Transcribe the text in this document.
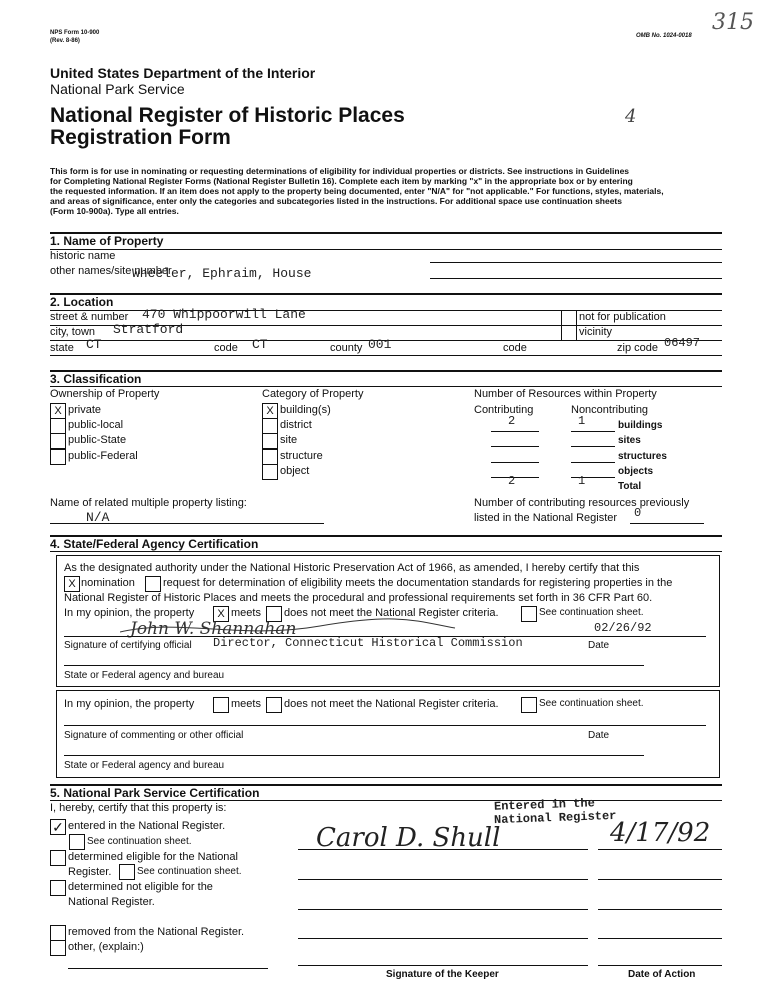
NPS Form 10-900
(Rev. 8-86)
OMB No. 1024-0018
315
United States Department of the Interior
National Park Service
National Register of Historic Places
Registration Form
4
This form is for use in nominating or requesting determinations of eligibility for individual properties or districts. See instructions in Guidelines
for Completing National Register Forms (National Register Bulletin 16). Complete each item by marking "x" in the appropriate box or by entering
the requested information. If an item does not apply to the property being documented, enter "N/A" for "not applicable." For functions, styles, materials,
and areas of significance, enter only the categories and subcategories listed in the instructions. For additional space use continuation sheets
(Form 10-900a). Type all entries.
1. Name of Property
historic name
other names/site number
Wheeler, Ephraim, House
2. Location
street & number 470 Whippoorwill Lane	not for publication
city, town Stratford	vicinity
state CT	code CT	county 001	code	zip code 06497
3. Classification
Ownership of Property	Category of Property	Number of Resources within Property
X private
public-local
public-State
public-Federal
X building(s)
district
site
structure
object
Contributing	Noncontributing
2	1	buildings
sites
structures
objects
2	1	Total
Name of related multiple property listing:
N/A
Number of contributing resources previously
listed in the National Register 0
4. State/Federal Agency Certification
As the designated authority under the National Historic Preservation Act of 1966, as amended, I hereby certify that this
X nomination	request for determination of eligibility meets the documentation standards for registering properties in the
National Register of Historic Places and meets the procedural and professional requirements set forth in 36 CFR Part 60.
In my opinion, the property	X meets does not meet the National Register criteria.	See continuation sheet.
John W. Shannahan	02/26/92
Signature of certifying official Director, Connecticut Historical Commission	Date
State or Federal agency and bureau
In my opinion, the property	meets does not meet the National Register criteria.	See continuation sheet.
Signature of commenting or other official	Date
State or Federal agency and bureau
5. National Park Service Certification
I, hereby, certify that this property is:
✓ entered in the National Register.
See continuation sheet.
determined eligible for the National
Register.	See continuation sheet.
determined not eligible for the
National Register.
removed from the National Register.
other, (explain:)
Entered in the
National Register
Carol D. Shull	4/17/92
Signature of the Keeper	Date of Action
